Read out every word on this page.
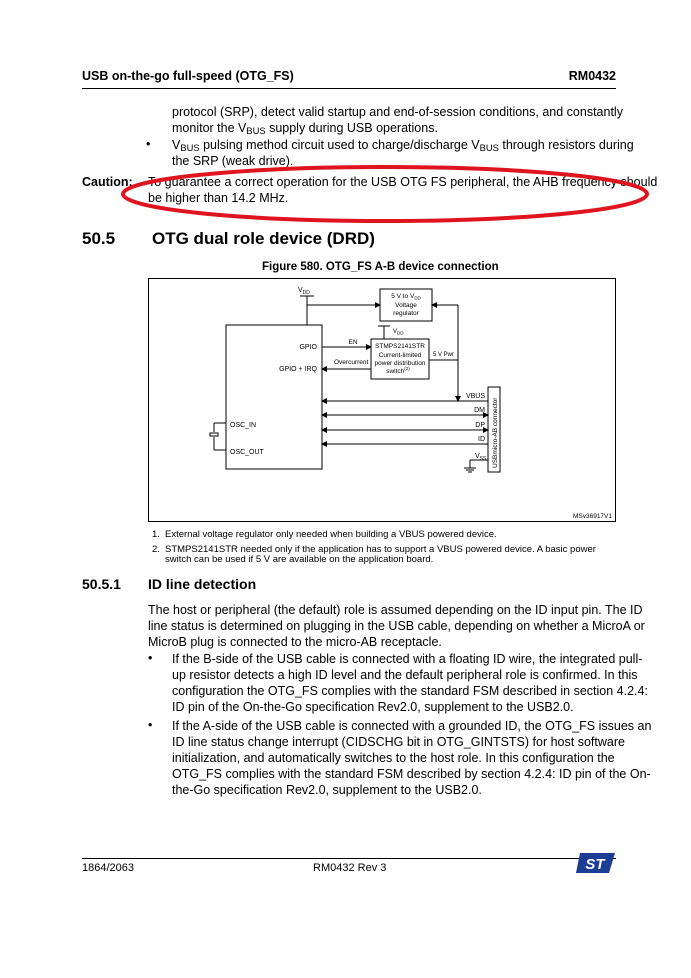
USB on-the-go full-speed (OTG_FS)	RM0432
protocol (SRP), detect valid startup and end-of-session conditions, and constantly
monitor the $V_{BUS}$ supply during USB operations.
• $V_{BUS}$ pulsing method circuit used to charge/discharge $V_{BUS}$ through resistors during
the SRP (weak drive).
Caution: To guarantee a correct operation for the USB OTG FS peripheral, the AHB frequency should
be higher than 14.2 MHz.
50.5 OTG dual role device (DRD)
Figure 580. OTG_FS A-B device connection
GPIO
GPIO + IRQ
OSC_IN
OSC_OUT
$V_{DD}$	5 V to $V_{DD}$
Voltage
regulator
$V_{DD}$
STMPS2141STR
Current-limited
power distribution
switch$^{(2)}$
EN
Overcurrent
5 V Pwr
VBUS
DM
DP
ID
$V_{SS}$ USBmicro-AB connector
MSv36917V1
1. External voltage regulator only needed when building a VBUS powered device.
2. STMPS2141STR needed only if the application has to support a VBUS powered device. A basic power
switch can be used if 5 V are available on the application board.
50.5.1 ID line detection
The host or peripheral (the default) role is assumed depending on the ID input pin. The ID
line status is determined on plugging in the USB cable, depending on whether a MicroA or
MicroB plug is connected to the micro-AB receptacle.
• If the B-side of the USB cable is connected with a floating ID wire, the integrated pull-
up resistor detects a high ID level and the default peripheral role is confirmed. In this
configuration the OTG_FS complies with the standard FSM described in section 4.2.4:
ID pin of the On-the-Go specification Rev2.0, supplement to the USB2.0.
• If the A-side of the USB cable is connected with a grounded ID, the OTG_FS issues an
ID line status change interrupt (CIDSCHG bit in OTG_GINTSTS) for host software
initialization, and automatically switches to the host role. In this configuration the
OTG_FS complies with the standard FSM described by section 4.2.4: ID pin of the On-
the-Go specification Rev2.0, supplement to the USB2.0.
1864/2063	RM0432 Rev 3	ST
